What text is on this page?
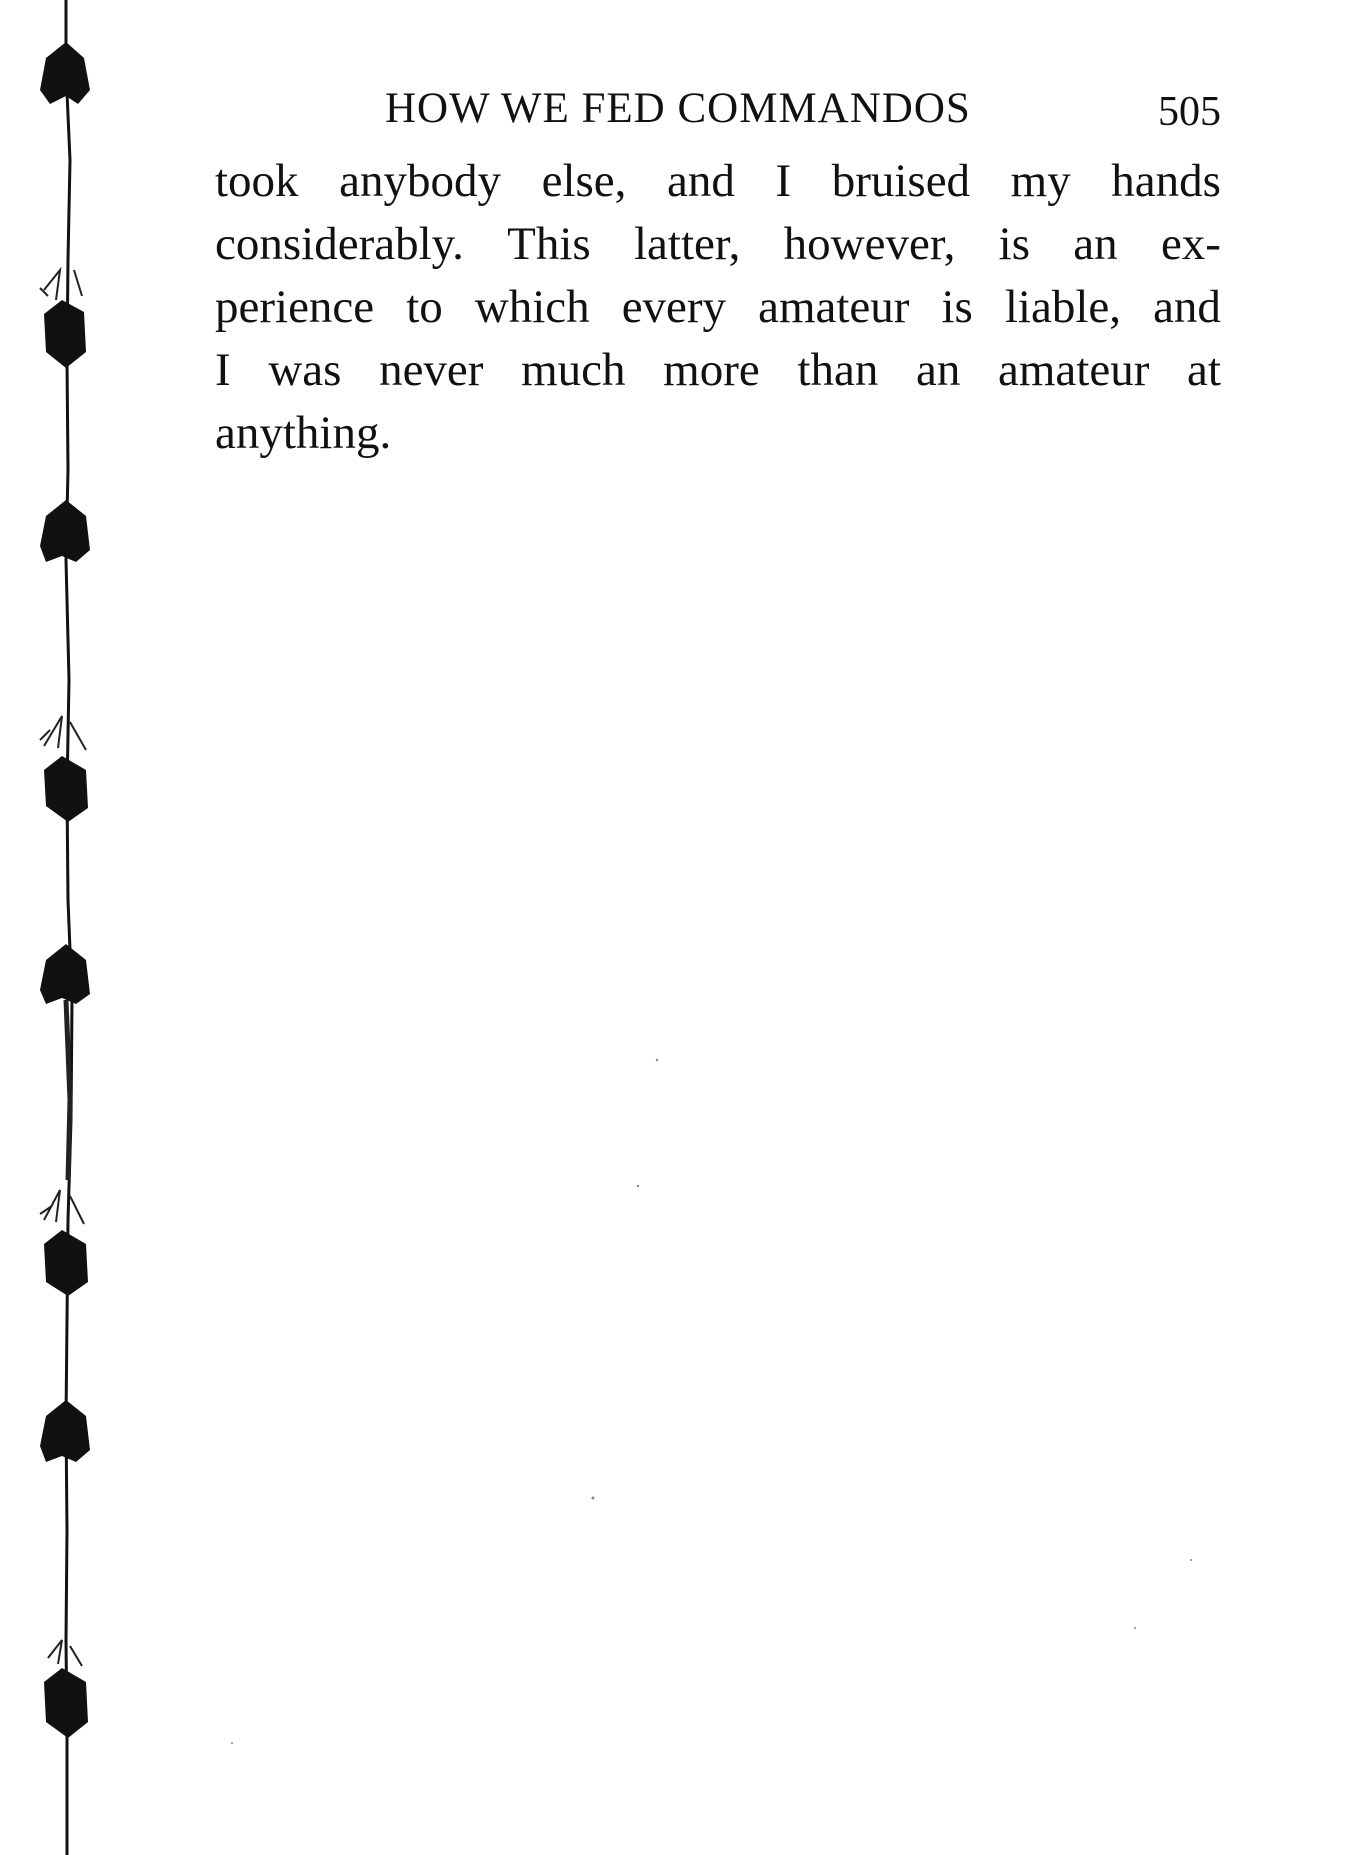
HOW WE FED COMMANDOS	505
took anybody else, and I bruised my hands
considerably. This latter, however, is an ex-
perience to which every amateur is liable, and
I was never much more than an amateur at
anything.
